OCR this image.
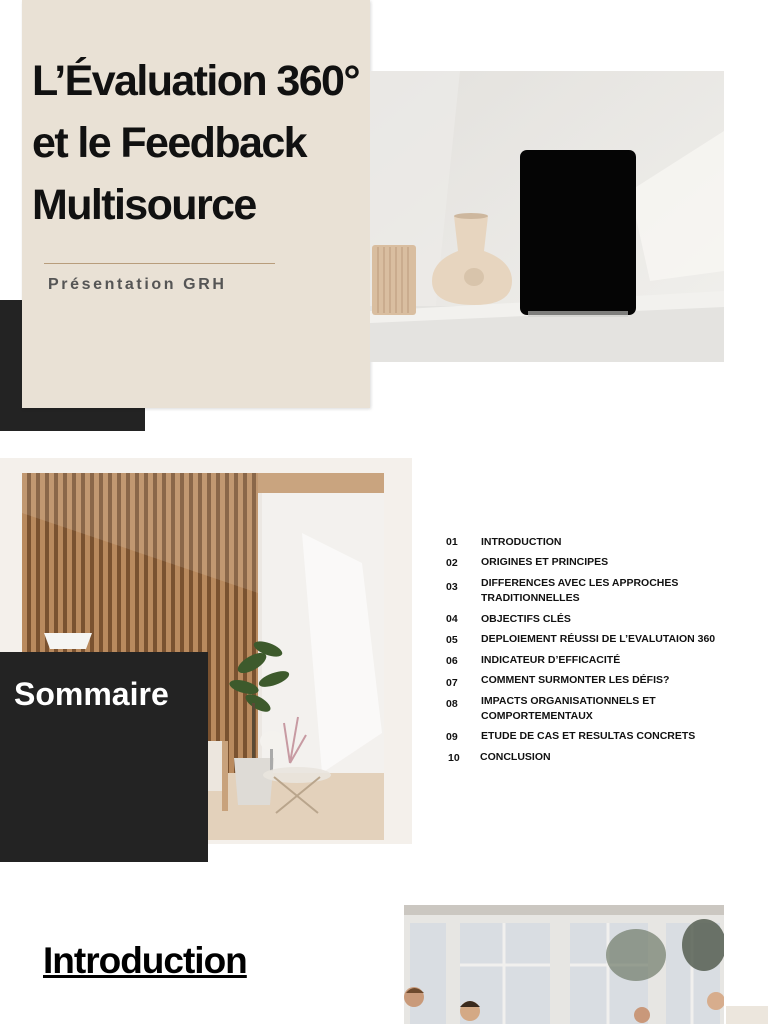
L’Évaluation 360°
et le Feedback
Multisource
Présentation GRH
Sommaire
01 INTRODUCTION
02 ORIGINES ET PRINCIPES
03 DIFFERENCES AVEC LES APPROCHES
TRADITIONNELLES
04 OBJECTIFS CLÉS
05 DEPLOIEMENT RÉUSSI DE L’EVALUTAION 360
06 INDICATEUR D’EFFICACITÉ
07 COMMENT SURMONTER LES DÉFIS?
08 IMPACTS ORGANISATIONNELS ET
COMPORTEMENTAUX
09 ETUDE DE CAS ET RESULTAS CONCRETS
10 CONCLUSION
Introduction
